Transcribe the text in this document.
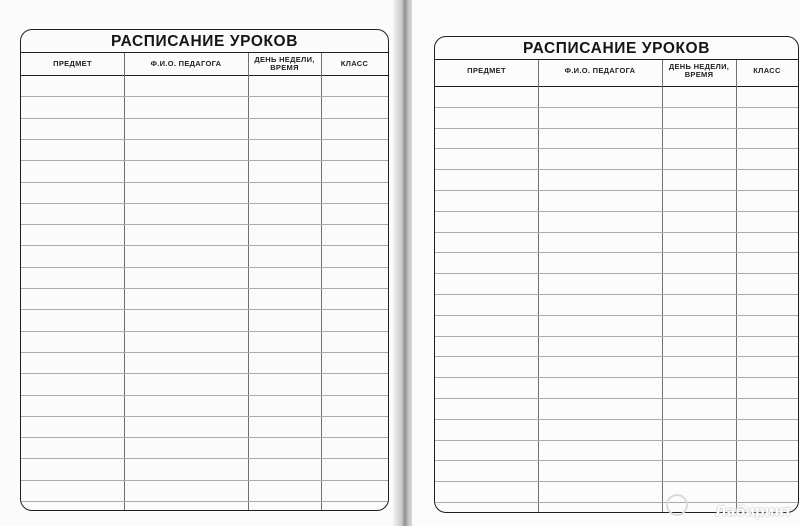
РАСПИСАНИЕ УРОКОВ
ПРЕДМЕТ	Ф.И.О. ПЕДАГОГА	ДЕНЬ НЕДЕЛИ, ВРЕМЯ	КЛАСС
РАСПИСАНИЕ УРОКОВ
ПРЕДМЕТ	Ф.И.О. ПЕДАГОГА	ДЕНЬ НЕДЕЛИ, ВРЕМЯ	КЛАСС
Лабиринт
